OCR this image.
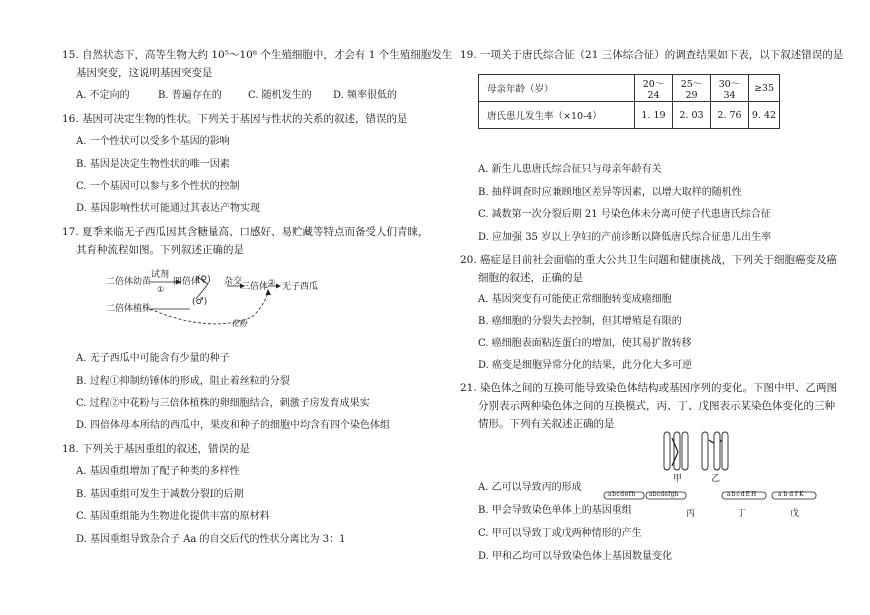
15. 自然状态下，高等生物大约 10⁵～10⁸ 个生殖细胞中，才会有 1 个生殖细胞发生
基因突变，这说明基因突变是
A. 不定向的	B. 普遍存在的	C. 随机发生的 D. 频率很低的
16. 基因可决定生物的性状。下列关于基因与性状的关系的叙述，错误的是
A. 一个性状可以受多个基因的影响
B. 基因是决定生物性状的唯一因素
C. 一个基因可以参与多个性状的控制
D. 基因影响性状可能通过其表达产物实现
17. 夏季来临无子西瓜因其含糖量高、口感好、易贮藏等特点而备受人们青睐，
其育种流程如图。下列叙述正确的是
二倍体幼苗
试剂
①
四倍体
(♀) 杂交
三倍体 ② 无子西瓜
(♂)
二倍体植株
花粉
A. 无子西瓜中可能含有少量的种子
B. 过程①抑制纺锤体的形成，阻止着丝粒的分裂
C. 过程②中花粉与三倍体植株的卵细胞结合，刺激子房发育成果实
D. 四倍体母本所结的西瓜中，果皮和种子的细胞中均含有四个染色体组
18. 下列关于基因重组的叙述，错误的是
A. 基因重组增加了配子种类的多样性
B. 基因重组可发生于减数分裂Ⅰ的后期
C. 基因重组能为生物进化提供丰富的原材料
D. 基因重组导致杂合子 Aa 的自交后代的性状分离比为 3：1
19. 一项关于唐氏综合征（21 三体综合征）的调查结果如下表，以下叙述错误的是
母亲年龄（岁）	20～24	25～29	30～34	≥35
唐氏患儿发生率（×10-4）	1. 19	2. 03	2. 76	9. 42
A. 新生儿患唐氏综合征只与母亲年龄有关
B. 抽样调查时应兼顾地区差异等因素，以增大取样的随机性
C. 减数第一次分裂后期 21 号染色体未分离可使子代患唐氏综合征
D. 应加强 35 岁以上孕妇的产前诊断以降低唐氏综合征患儿出生率
20. 癌症是目前社会面临的重大公共卫生问题和健康挑战，下列关于细胞癌变及癌
细胞的叙述，正确的是
A. 基因突变有可能使正常细胞转变成癌细胞
B. 癌细胞的分裂失去控制，但其增殖是有限的
C. 癌细胞表面粘连蛋白的增加，使其易扩散转移
D. 癌变是细胞异常分化的结果，此分化大多可逆
21. 染色体之间的互换可能导致染色体结构或基因序列的变化。下图中甲、乙两图
分别表示两种染色体之间的互换模式，丙、丁、戊图表示某染色体变化的三种
情形。下列有关叙述正确的是
甲	乙
abcdefh abcdefgh	abcdEH	a b d f K
丙	丁	戊
A. 乙可以导致丙的形成
B. 甲会导致染色单体上的基因重组
C. 甲可以导致丁或戊两种情形的产生
D. 甲和乙均可以导致染色体上基因数量变化
